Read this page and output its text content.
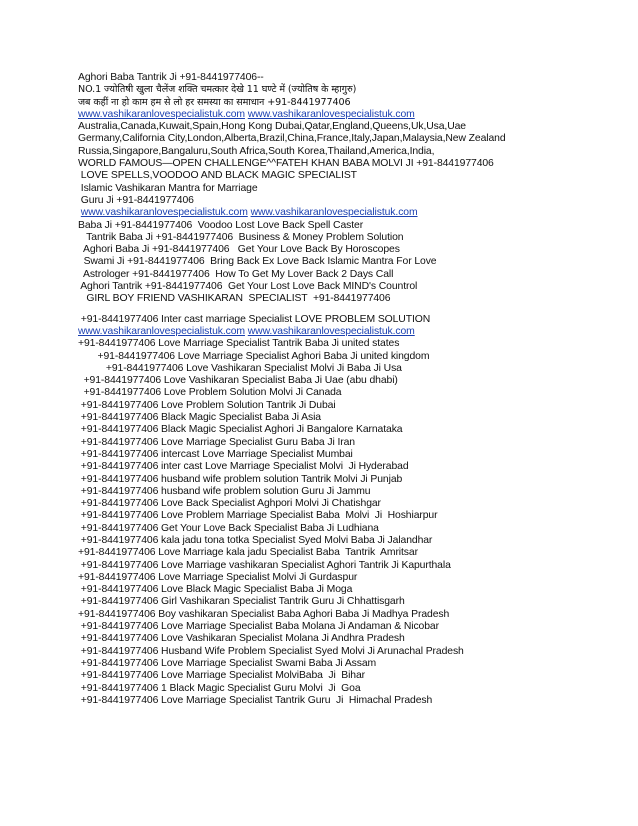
Aghori Baba Tantrik Ji +91-8441977406--
NO.1 ज्योतिषी खुला चैलेंज शक्ति चमत्कार देखे 11 घण्टे में (ज्योतिष के म्हागुरु)
जब कहीं ना हो काम हम से लो हर समस्या का समाधान +91-8441977406
www.vashikaranlovespecialistuk.com www.vashikaranlovespecialistuk.com
Australia,Canada,Kuwait,Spain,Hong Kong Dubai,Qatar,England,Queens,Uk,Usa,Uae
Germany,California City,London,Alberta,Brazil,China,France,Italy,Japan,Malaysia,New Zealand
Russia,Singapore,Bangaluru,South Africa,South Korea,Thailand,America,India,
WORLD FAMOUS—OPEN CHALLENGE^^FATEH KHAN BABA MOLVI JI +91-8441977406
LOVE SPELLS,VOODOO AND BLACK MAGIC SPECIALIST
Islamic Vashikaran Mantra for Marriage
Guru Ji +91-8441977406
www.vashikaranlovespecialistuk.com www.vashikaranlovespecialistuk.com
Baba Ji +91-8441977406  Voodoo Lost Love Back Spell Caster
Tantrik Baba Ji +91-8441977406  Business & Money Problem Solution
Aghori Baba Ji +91-8441977406   Get Your Love Back By Horoscopes
Swami Ji +91-8441977406  Bring Back Ex Love Back Islamic Mantra For Love
Astrologer +91-8441977406  How To Get My Lover Back 2 Days Call
Aghori Tantrik +91-8441977406  Get Your Lost Love Back MIND's Countrol
GIRL BOY FRIEND VASHIKARAN  SPECIALIST  +91-8441977406
+91-8441977406 Inter cast marriage Specialist LOVE PROBLEM SOLUTION
www.vashikaranlovespecialistuk.com www.vashikaranlovespecialistuk.com
+91-8441977406 Love Marriage Specialist Tantrik Baba Ji united states
+91-8441977406 Love Marriage Specialist Aghori Baba Ji united kingdom
+91-8441977406 Love Vashikaran Specialist Molvi Ji Baba Ji Usa
+91-8441977406 Love Vashikaran Specialist Baba Ji Uae (abu dhabi)
+91-8441977406 Love Problem Solution Molvi Ji Canada
+91-8441977406 Love Problem Solution Tantrik Ji Dubai
+91-8441977406 Black Magic Specialist Baba Ji Asia
+91-8441977406 Black Magic Specialist Aghori Ji Bangalore Karnataka
+91-8441977406 Love Marriage Specialist Guru Baba Ji Iran
+91-8441977406 intercast Love Marriage Specialist Mumbai
+91-8441977406 inter cast Love Marriage Specialist Molvi  Ji Hyderabad
+91-8441977406 husband wife problem solution Tantrik Molvi Ji Punjab
+91-8441977406 husband wife problem solution Guru Ji Jammu
+91-8441977406 Love Back Specialist Aghpori Molvi Ji Chatishgar
+91-8441977406 Love Problem Marriage Specialist Baba  Molvi  Ji  Hoshiarpur
+91-8441977406 Get Your Love Back Specialist Baba Ji Ludhiana
+91-8441977406 kala jadu tona totka Specialist Syed Molvi Baba Ji Jalandhar
+91-8441977406 Love Marriage kala jadu Specialist Baba  Tantrik  Amritsar
+91-8441977406 Love Marriage vashikaran Specialist Aghori Tantrik Ji Kapurthala
+91-8441977406 Love Marriage Specialist Molvi Ji Gurdaspur
+91-8441977406 Love Black Magic Specialist Baba Ji Moga
+91-8441977406 Girl Vashikaran Specialist Tantrik Guru Ji Chhattisgarh
+91-8441977406 Boy vashikaran Specialist Baba Aghori Baba Ji Madhya Pradesh
+91-8441977406 Love Marriage Specialist Baba Molana Ji Andaman & Nicobar
+91-8441977406 Love Vashikaran Specialist Molana Ji Andhra Pradesh
+91-8441977406 Husband Wife Problem Specialist Syed Molvi Ji Arunachal Pradesh
+91-8441977406 Love Marriage Specialist Swami Baba Ji Assam
+91-8441977406 Love Marriage Specialist MolviBaba  Ji  Bihar
+91-8441977406 1 Black Magic Specialist Guru Molvi  Ji  Goa
+91-8441977406 Love Marriage Specialist Tantrik Guru  Ji  Himachal Pradesh
